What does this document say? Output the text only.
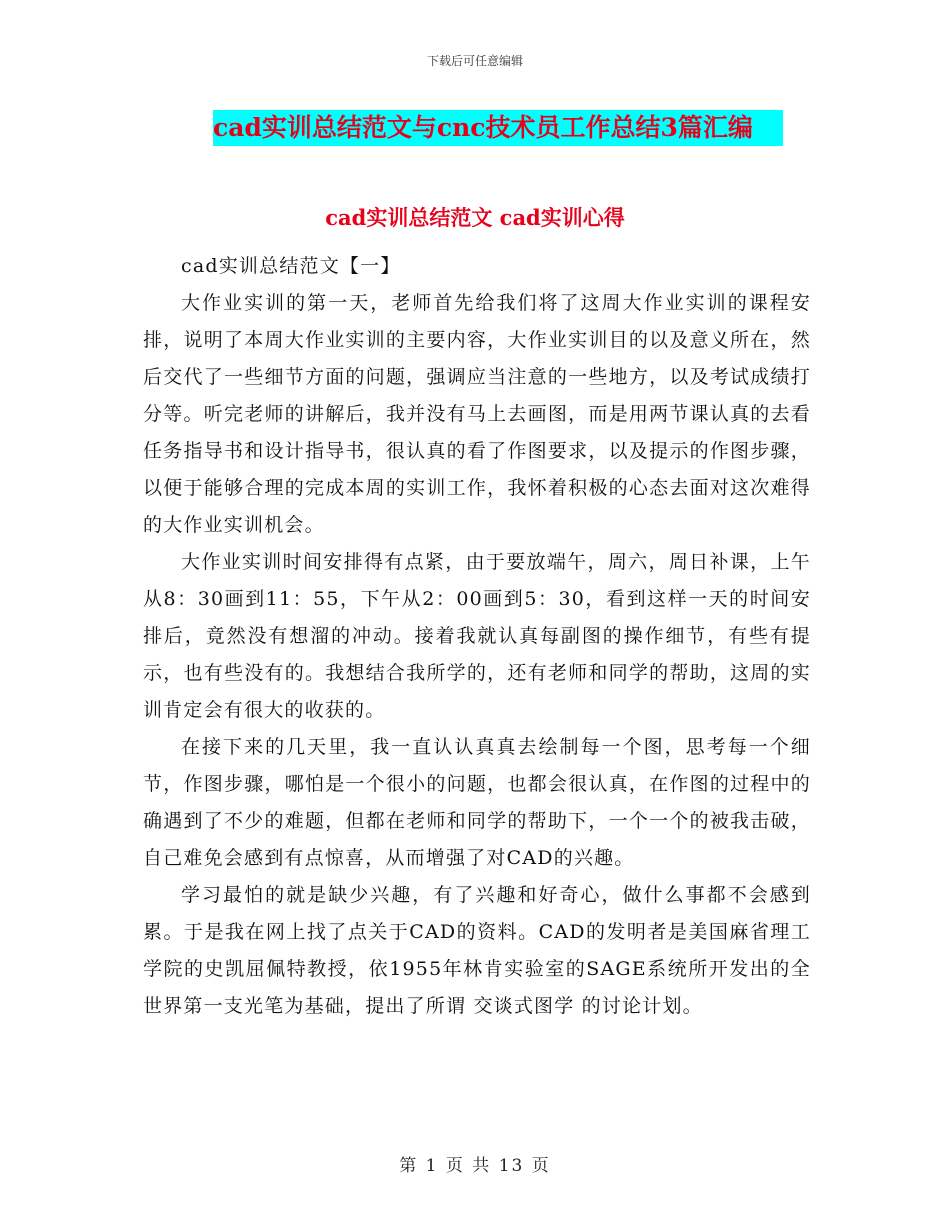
下载后可任意编辑
cad实训总结范文与cnc技术员工作总结3篇汇编
cad实训总结范文 cad实训心得

cad实训总结范文【一】

大作业实训的第一天，老师首先给我们将了这周大作业实训的课程安排，说明了本周大作业实训的主要内容，大作业实训目的以及意义所在，然后交代了一些细节方面的问题，强调应当注意的一些地方，以及考试成绩打分等。听完老师的讲解后，我并没有马上去画图，而是用两节课认真的去看任务指导书和设计指导书，很认真的看了作图要求，以及提示的作图步骤，以便于能够合理的完成本周的实训工作，我怀着积极的心态去面对这次难得的大作业实训机会。

大作业实训时间安排得有点紧，由于要放端午，周六，周日补课，上午从8：30画到11：55，下午从2：00画到5：30，看到这样一天的时间安排后，竟然没有想溜的冲动。接着我就认真每副图的操作细节，有些有提示，也有些没有的。我想结合我所学的，还有老师和同学的帮助，这周的实训肯定会有很大的收获的。

在接下来的几天里，我一直认认真真去绘制每一个图，思考每一个细节，作图步骤，哪怕是一个很小的问题，也都会很认真，在作图的过程中的确遇到了不少的难题，但都在老师和同学的帮助下，一个一个的被我击破，自己难免会感到有点惊喜，从而增强了对CAD的兴趣。

学习最怕的就是缺少兴趣，有了兴趣和好奇心，做什么事都不会感到累。于是我在网上找了点关于CAD的资料。CAD的发明者是美国麻省理工学院的史凯屈佩特教授，依1955年林肯实验室的SAGE系统所开发出的全世界第一支光笔为基础，提出了所谓 交谈式图学 的讨论计划。

第 1 页 共 13 页
